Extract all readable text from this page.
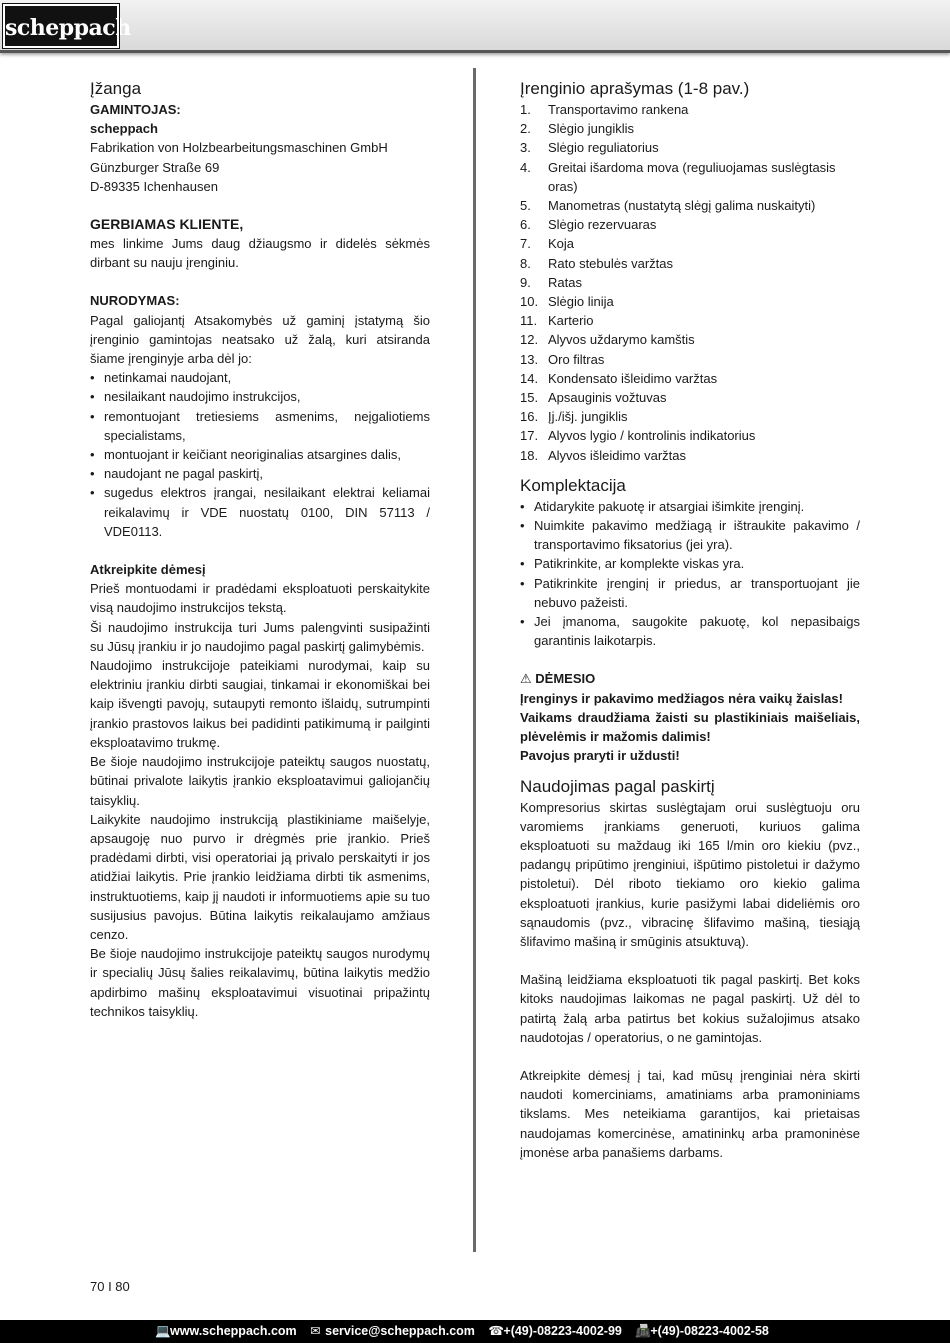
scheppach
Įžanga
GAMINTOJAS:
scheppach
Fabrikation von Holzbearbeitungsmaschinen GmbH
Günzburger Straße 69
D-89335 Ichenhausen
GERBIAMAS KLIENTE,

mes linkime Jums daug džiaugsmo ir didelės sėkmės dirbant su nauju įrenginiu.

NURODYMAS:

Pagal galiojantį Atsakomybės už gaminį įstatymą šio įrenginio gamintojas neatsako už žalą, kuri atsiranda šiame įrenginyje arba dėl jo:

• netinkamai naudojant,
• nesilaikant naudojimo instrukcijos,
• remontuojant tretiesiems asmenims, neįgaliotiems specialistams,
• montuojant ir keičiant neoriginalias atsargines dalis,
• naudojant ne pagal paskirtį,
• sugedus elektros įrangai, nesilaikant elektrai keliamai reikalavimų ir VDE nuostatų 0100, DIN 57113 / VDE0113.
Atkreipkite dėmesį

Prieš montuodami ir pradėdami eksploatuoti perskaitykite visą naudojimo instrukcijos tekstą.

Ši naudojimo instrukcija turi Jums palengvinti susipažinti su Jūsų įrankiu ir jo naudojimo pagal paskirtį galimybėmis.

Naudojimo instrukcijoje pateikiami nurodymai, kaip su elektriniu įrankiu dirbti saugiai, tinkamai ir ekonomiškai bei kaip išvengti pavojų, sutaupyti remonto išlaidų, sutrumpinti įrankio prastovos laikus bei padidinti patikimumą ir pailginti eksploatavimo trukmę.

Be šioje naudojimo instrukcijoje pateiktų saugos nuostatų, būtinai privalote laikytis įrankio eksploatavimui galiojančių taisyklių.

Laikykite naudojimo instrukciją plastikiniame maišelyje, apsaugoję nuo purvo ir drėgmės prie įrankio. Prieš pradėdami dirbti, visi operatoriai ją privalo perskaityti ir jos atidžiai laikytis. Prie įrankio leidžiama dirbti tik asmenims, instruktuotiems, kaip jį naudoti ir informuotiems apie su tuo susijusius pavojus. Būtina laikytis reikalaujamo amžiaus cenzo.

Be šioje naudojimo instrukcijoje pateiktų saugos nurodymų ir specialių Jūsų šalies reikalavimų, būtina laikytis medžio apdirbimo mašinų eksploatavimui visuotinai pripažintų technikos taisyklių.

Įrenginio aprašymas (1-8 pav.)
1.	Transportavimo rankena
2.	Slėgio jungiklis
3.	Slėgio reguliatorius
4.	Greitai išardoma mova (reguliuojamas suslėgtasis oras)
5.	Manometras (nustatytą slėgį galima nuskaityti)
6.	Slėgio rezervuaras
7.	Koja
8.	Rato stebulės varžtas
9.	Ratas
10. Slėgio linija
11. Karterio
12. Alyvos uždarymo kamštis
13. Oro filtras
14. Kondensato išleidimo varžtas
15. Apsauginis vožtuvas
16. Įj./išj. jungiklis
17. Alyvos lygio / kontrolinis indikatorius
18. Alyvos išleidimo varžtas
Komplektacija
• Atidarykite pakuotę ir atsargiai išimkite įrenginį.
• Nuimkite pakavimo medžiagą ir ištraukite pakavimo / transportavimo fiksatorius (jei yra).
• Patikrinkite, ar komplekte viskas yra.
• Patikrinkite įrenginį ir priedus, ar transportuojant jie nebuvo pažeisti.
• Jei įmanoma, saugokite pakuotę, kol nepasibaigs garantinis laikotarpis.
⚠ DĖMESIO

Įrenginys ir pakavimo medžiagos nėra vaikų žaislas!

Vaikams draudžiama žaisti su plastikiniais maišeliais, plėvelėmis ir mažomis dalimis!

Pavojus praryti ir uždusti!

Naudojimas pagal paskirtį

Kompresorius skirtas suslėgtajam orui suslėgtuoju oru varomiems įrankiams generuoti, kuriuos galima eksploatuoti su maždaug iki 165 l/min oro kiekiu (pvz., padangų pripūtimo įrenginiui, išpūtimo pistoletui ir dažymo pistoletui). Dėl riboto tiekiamo oro kiekio galima eksploatuoti įrankius, kurie pasižymi labai dideliėmis oro sąnaudomis (pvz., vibracinę šlifavimo mašiną, tiesiąją šlifavimo mašiną ir smūginis atsuktuvą).

Mašiną leidžiama eksploatuoti tik pagal paskirtį. Bet koks kitoks naudojimas laikomas ne pagal paskirtį. Už dėl to patirtą žalą arba patirtus bet kokius sužalojimus atsako naudotojas / operatorius, o ne gamintojas.

Atkreipkite dėmesį į tai, kad mūsų įrenginiai nėra skirti naudoti komerciniams, amatiniams arba pramoniniams tikslams. Mes neteikiama garantijos, kai prietaisas naudojamas komercinėse, amatininkų arba pramoninėse įmonėse arba panašiems darbams.

70 I 80
💻www.scheppach.com ✉ service@scheppach.com ☎+(49)-08223-4002-99 📠+(49)-08223-4002-58
